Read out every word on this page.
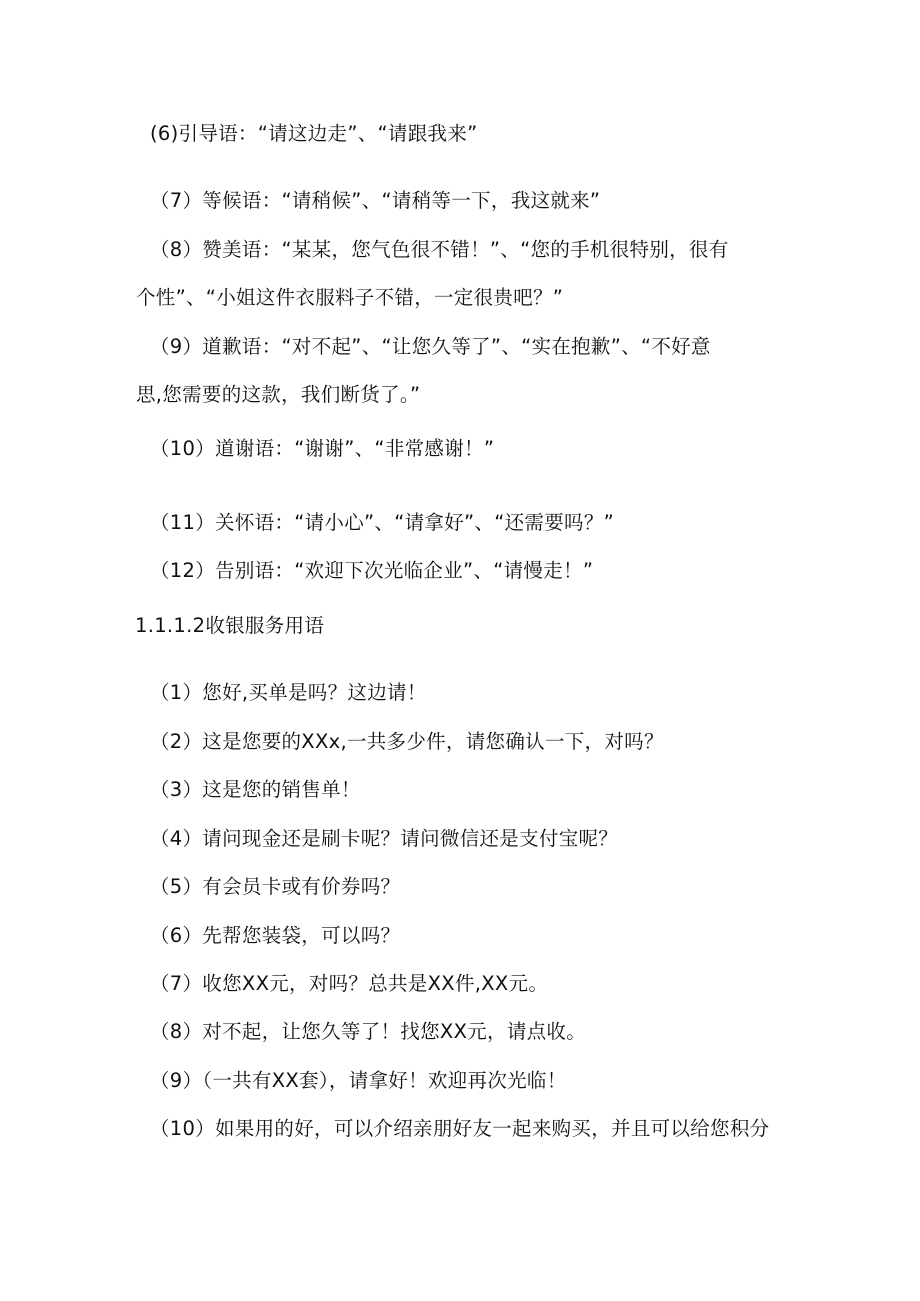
(6)引导语：“请这边走”、“请跟我来”
（7）等候语：“请稍候”、“请稍等一下，我这就来”
（8）赞美语：“某某，您气色很不错！”、“您的手机很特别，很有
个性”、“小姐这件衣服料子不错，一定很贵吧？”
（9）道歉语：“对不起”、“让您久等了”、“实在抱歉”、“不好意
思,您需要的这款，我们断货了。”
（10）道谢语：“谢谢”、“非常感谢！”
（11）关怀语：“请小心”、“请拿好”、“还需要吗？”
（12）告别语：“欢迎下次光临企业”、“请慢走！”
1.1.1.2收银服务用语
（1）您好,买单是吗？这边请！
（2）这是您要的XXx,一共多少件，请您确认一下，对吗？
（3）这是您的销售单！
（4）请问现金还是刷卡呢？请问微信还是支付宝呢？
（5）有会员卡或有价券吗？
（6）先帮您装袋，可以吗？
（7）收您XX元，对吗？总共是XX件,XX元。
（8）对不起，让您久等了！找您XX元，请点收。
（9）（一共有XX套），请拿好！欢迎再次光临！
（10）如果用的好，可以介绍亲朋好友一起来购买，并且可以给您积分
